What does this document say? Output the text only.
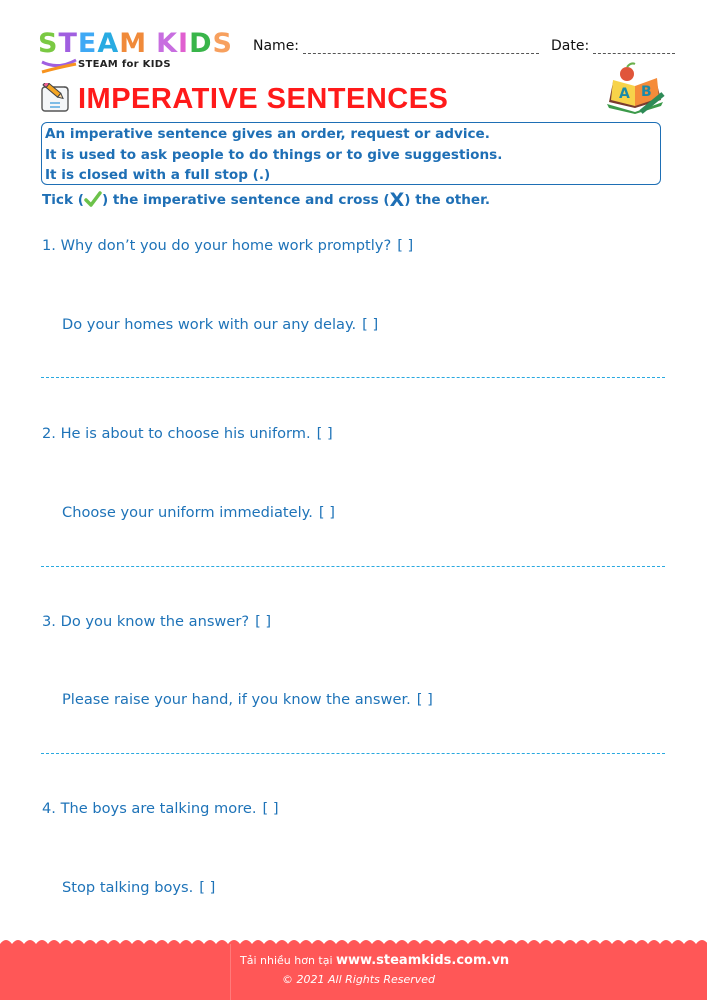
STEAM KIDS
STEAM for KIDS
Name:	Date:
IMPERATIVE SENTENCES	A B
An imperative sentence gives an order, request or advice.
It is used to ask people to do things or to give suggestions.
It is closed with a full stop (.)
Tick ( ) the imperative sentence and cross (X) the other.
1. Why don’t you do your home work promptly? [ ]
Do your homes work with our any delay. [ ]
2. He is about to choose his uniform. [ ]
Choose your uniform immediately. [ ]
3. Do you know the answer? [ ]
Please raise your hand, if you know the answer. [ ]
4. The boys are talking more. [ ]
Stop talking boys. [ ]
Tải nhiều hơn tại www.steamkids.com.vn
© 2021 All Rights Reserved
